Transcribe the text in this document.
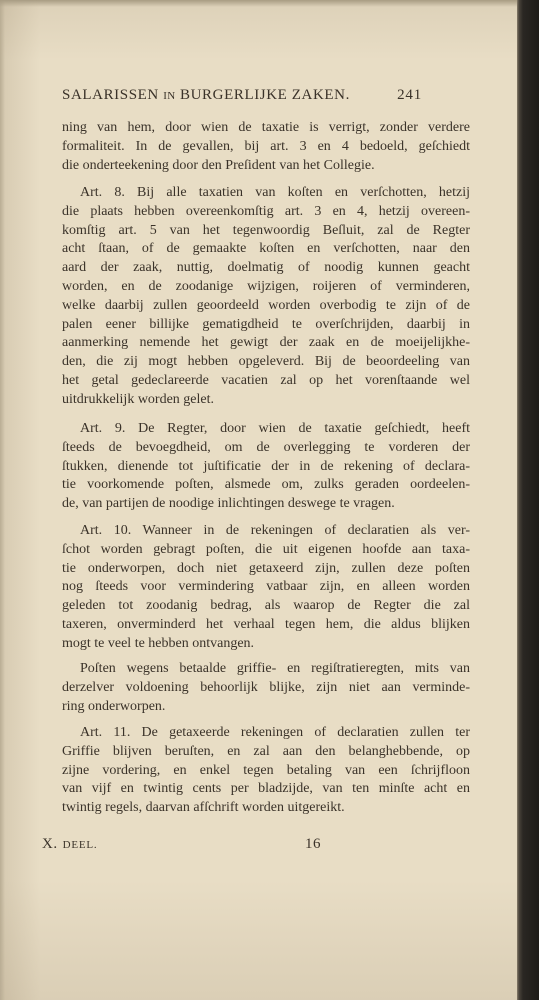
SALARISSEN IN BURGERLIJKE ZAKEN.	241
ning van hem, door wien de taxatie is verrigt, zonder verdere
formaliteit. In de gevallen, bij art. 3 en 4 bedoeld, geſchiedt
die onderteekening door den Preſident van het Collegie.
Art. 8. Bij alle taxatien van koſten en verſchotten, hetzij
die plaats hebben overeenkomſtig art. 3 en 4, hetzij overeen-
komſtig art. 5 van het tegenwoordig Beſluit, zal de Regter
acht ſtaan, of de gemaakte koſten en verſchotten, naar den
aard der zaak, nuttig, doelmatig of noodig kunnen geacht
worden, en de zoodanige wijzigen, roijeren of verminderen,
welke daarbij zullen geoordeeld worden overbodig te zijn of de
palen eener billijke gematigdheid te overſchrijden, daarbij in
aanmerking nemende het gewigt der zaak en de moeijelijkhe-
den, die zij mogt hebben opgeleverd. Bij de beoordeeling van
het getal gedeclareerde vacatien zal op het vorenſtaande wel
uitdrukkelijk worden gelet.
Art. 9. De Regter, door wien de taxatie geſchiedt, heeft
ſteeds de bevoegdheid, om de overlegging te vorderen der
ſtukken, dienende tot juſtificatie der in de rekening of declara-
tie voorkomende poſten, alsmede om, zulks geraden oordeelen-
de, van partijen de noodige inlichtingen deswege te vragen.
Art. 10. Wanneer in de rekeningen of declaratien als ver-
ſchot worden gebragt poſten, die uit eigenen hoofde aan taxa-
tie onderworpen, doch niet getaxeerd zijn, zullen deze poſten
nog ſteeds voor vermindering vatbaar zijn, en alleen worden
geleden tot zoodanig bedrag, als waarop de Regter die zal
taxeren, onverminderd het verhaal tegen hem, die aldus blijken
mogt te veel te hebben ontvangen.
Poſten wegens betaalde griffie- en regiſtratieregten, mits van
derzelver voldoening behoorlijk blijke, zijn niet aan verminde-
ring onderworpen.
Art. 11. De getaxeerde rekeningen of declaratien zullen ter
Griffie blijven beruſten, en zal aan den belanghebbende, op
zijne vordering, en enkel tegen betaling van een ſchrijfloon
van vijf en twintig cents per bladzijde, van ten minſte acht en
twintig regels, daarvan afſchrift worden uitgereikt.
X. DEEL.	16
